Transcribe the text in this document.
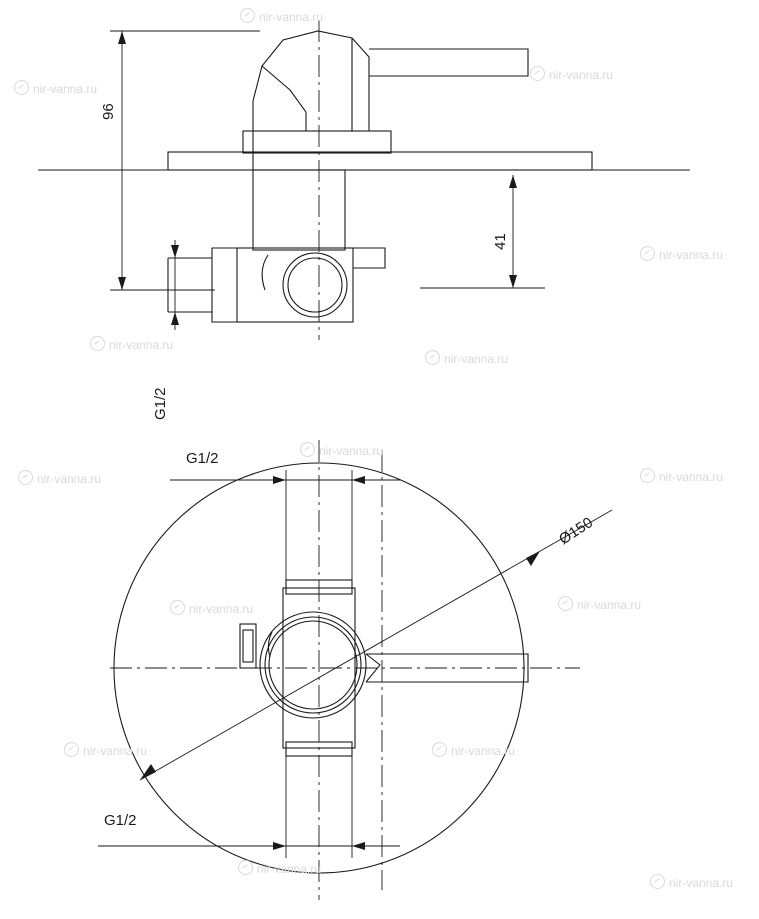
96
41
G1/2
G1/2
G1/2
Ø150
nir-vanna.ru
nir-vanna.ru
nir-vanna.ru
nir-vanna.ru
nir-vanna.ru
nir-vanna.ru
nir-vanna.ru
nir-vanna.ru
nir-vanna.ru
nir-vanna.ru	nir-vanna.ru
nir-vanna.ru	nir-vanna.ru
nir-vanna.ru
nir-vanna.ru
